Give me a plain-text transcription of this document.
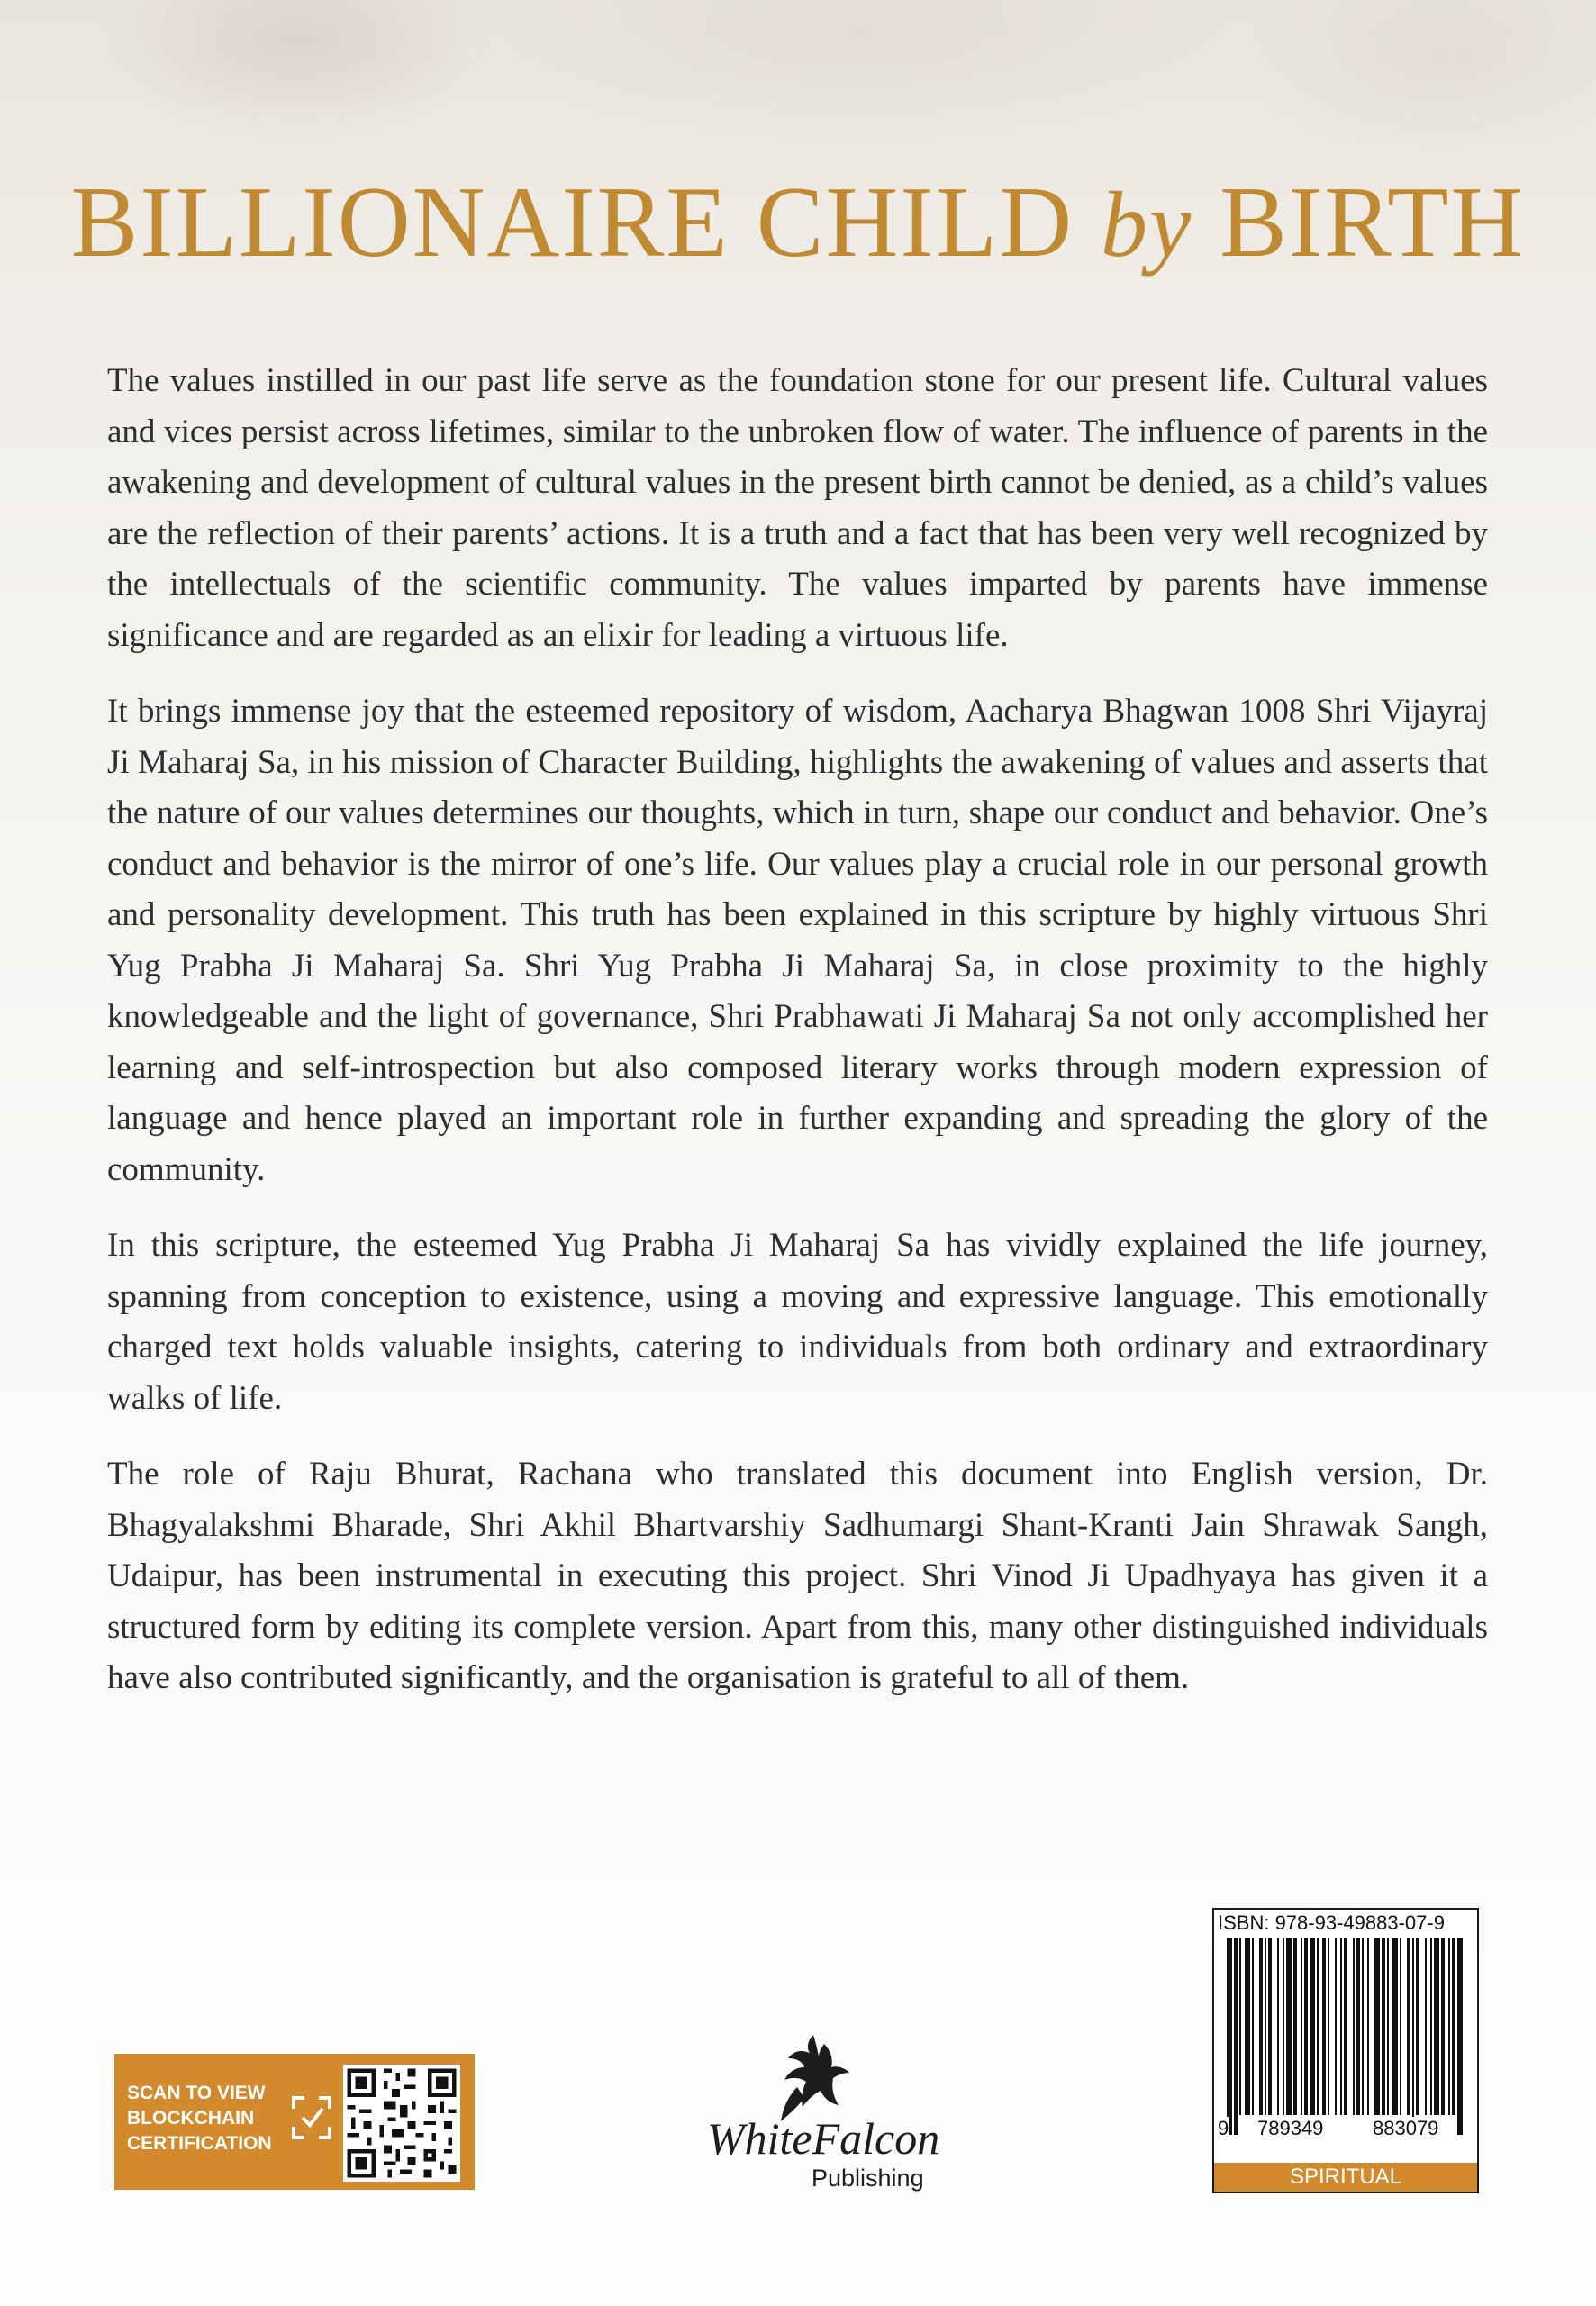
BILLIONAIRE CHILD by BIRTH

The values instilled in our past life serve as the foundation stone for our present life. Cultural values and vices persist across lifetimes, similar to the unbroken flow of water. The influence of parents in the awakening and development of cultural values in the present birth cannot be denied, as a child’s values are the reflection of their parents’ actions. It is a truth and a fact that has been very well recognized by the intellectuals of the scientific community. The values imparted by parents have immense significance and are regarded as an elixir for leading a virtuous life.

It brings immense joy that the esteemed repository of wisdom, Aacharya Bhagwan 1008 Shri Vijayraj Ji Maharaj Sa, in his mission of Character Building, highlights the awakening of values and asserts that the nature of our values determines our thoughts, which in turn, shape our conduct and behavior. One’s conduct and behavior is the mirror of one’s life. Our values play a crucial role in our personal growth and personality development. This truth has been explained in this scripture by highly virtuous Shri Yug Prabha Ji Maharaj Sa. Shri Yug Prabha Ji Maharaj Sa, in close proximity to the highly knowledgeable and the light of governance, Shri Prabhawati Ji Maharaj Sa not only accomplished her learning and self-introspection but also composed literary works through modern expression of language and hence played an important role in further expanding and spreading the glory of the community.

In this scripture, the esteemed Yug Prabha Ji Maharaj Sa has vividly explained the life journey, spanning from conception to existence, using a moving and expressive language. This emotionally charged text holds valuable insights, catering to individuals from both ordinary and extraordinary walks of life.

The role of Raju Bhurat, Rachana who translated this document into English version, Dr. Bhagyalakshmi Bharade, Shri Akhil Bhartvarshiy Sadhumargi Shant-Kranti Jain Shrawak Sangh, Udaipur, has been instrumental in executing this project. Shri Vinod Ji Upadhyaya has given it a structured form by editing its complete version. Apart from this, many other distinguished individuals have also contributed significantly, and the organisation is grateful to all of them.

SCAN TO VIEW
BLOCKCHAIN
CERTIFICATION	WhiteFalcon
Publishing
ISBN: 978-93-49883-07-9
9 789349 883079
SPIRITUAL
